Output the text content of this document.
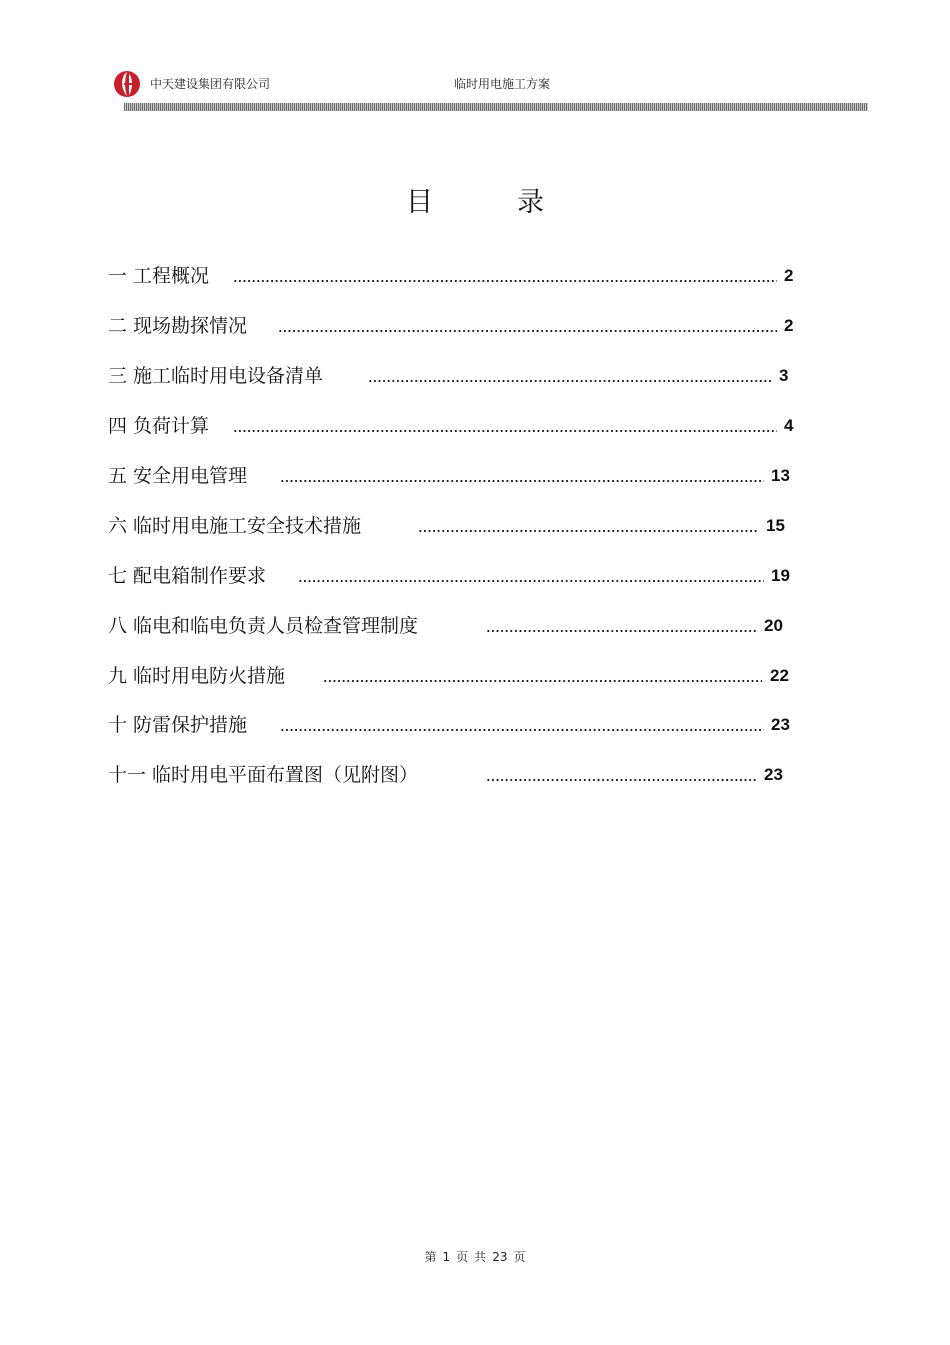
中天建设集团有限公司	临时用电施工方案
目录
一 工程概况	2
二 现场勘探情况	2
三 施工临时用电设备清单	3
四 负荷计算	4
五 安全用电管理	13
六 临时用电施工安全技术措施	15
七 配电箱制作要求	19
八 临电和临电负责人员检查管理制度	20
九 临时用电防火措施	22
十 防雷保护措施	23
十一 临时用电平面布置图（见附图）	23
第 1 页 共 23 页
